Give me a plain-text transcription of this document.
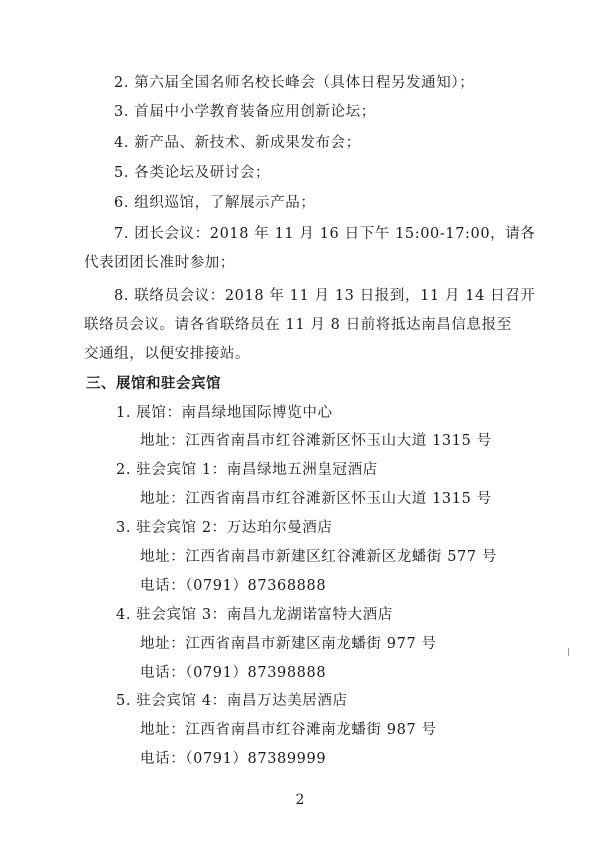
2. 第六届全国名师名校长峰会（具体日程另发通知）；
3. 首届中小学教育装备应用创新论坛；
4. 新产品、新技术、新成果发布会；
5. 各类论坛及研讨会；
6. 组织巡馆，了解展示产品；
7. 团长会议：2018 年 11 月 16 日下午 15:00-17:00，请各
代表团团长准时参加；
8. 联络员会议：2018 年 11 月 13 日报到，11 月 14 日召开
联络员会议。请各省联络员在 11 月 8 日前将抵达南昌信息报至
交通组，以便安排接站。
三、展馆和驻会宾馆
1. 展馆：南昌绿地国际博览中心
地址：江西省南昌市红谷滩新区怀玉山大道 1315 号
2. 驻会宾馆 1：南昌绿地五洲皇冠酒店
地址：江西省南昌市红谷滩新区怀玉山大道 1315 号
3. 驻会宾馆 2：万达珀尔曼酒店
地址：江西省南昌市新建区红谷滩新区龙蟠街 577 号
电话：（0791）87368888
4. 驻会宾馆 3：南昌九龙湖诺富特大酒店
地址：江西省南昌市新建区南龙蟠街 977 号
电话：（0791）87398888
5. 驻会宾馆 4：南昌万达美居酒店
地址：江西省南昌市红谷滩南龙蟠街 987 号
电话：（0791）87389999
2
